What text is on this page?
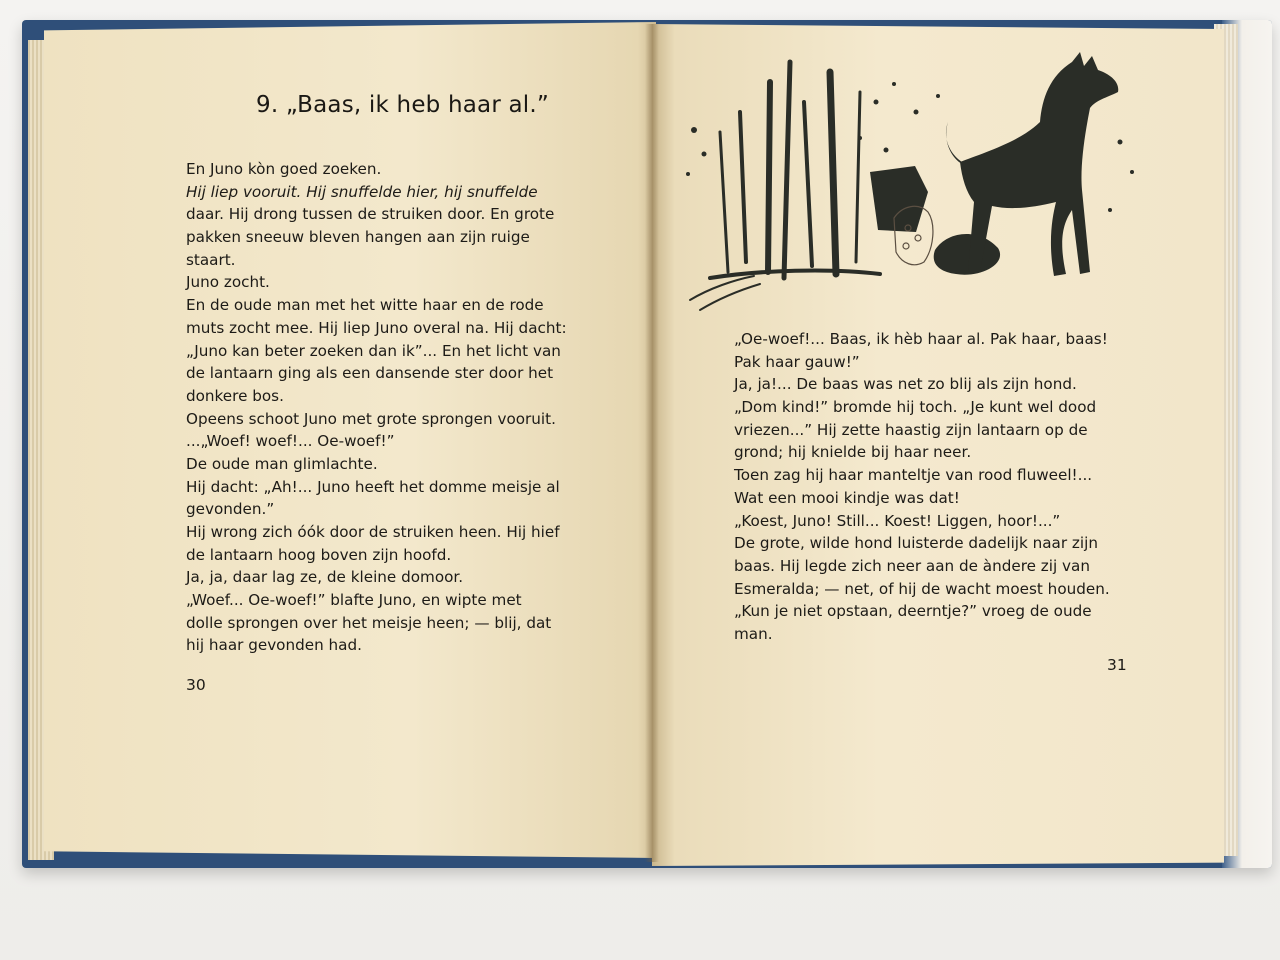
9. „Baas, ik heb haar al.”
En Juno kòn goed zoeken.
Hij liep vooruit. Hij snuffelde hier, hij snuffelde
daar. Hij drong tussen de struiken door. En grote
pakken sneeuw bleven hangen aan zijn ruige
staart.
Juno zocht.
En de oude man met het witte haar en de rode
muts zocht mee. Hij liep Juno overal na. Hij dacht:
„Juno kan beter zoeken dan ik”... En het licht van
de lantaarn ging als een dansende ster door het
donkere bos.
Opeens schoot Juno met grote sprongen vooruit.
...„Woef! woef!... Oe-woef!”
De oude man glimlachte.
Hij dacht: „Ah!... Juno heeft het domme meisje al
gevonden.”
Hij wrong zich óók door de struiken heen. Hij hief
de lantaarn hoog boven zijn hoofd.
Ja, ja, daar lag ze, de kleine domoor.
„Woef... Oe-woef!” blafte Juno, en wipte met
dolle sprongen over het meisje heen; — blij, dat
hij haar gevonden had.
30
„Oe-woef!... Baas, ik hèb haar al. Pak haar, baas!
Pak haar gauw!”
Ja, ja!... De baas was net zo blij als zijn hond.
„Dom kind!” bromde hij toch. „Je kunt wel dood
vriezen...” Hij zette haastig zijn lantaarn op de
grond; hij knielde bij haar neer.
Toen zag hij haar manteltje van rood fluweel!...
Wat een mooi kindje was dat!
„Koest, Juno! Still... Koest! Liggen, hoor!...”
De grote, wilde hond luisterde dadelijk naar zijn
baas. Hij legde zich neer aan de àndere zij van
Esmeralda; — net, of hij de wacht moest houden.
„Kun je niet opstaan, deerntje?” vroeg de oude
man.
31
